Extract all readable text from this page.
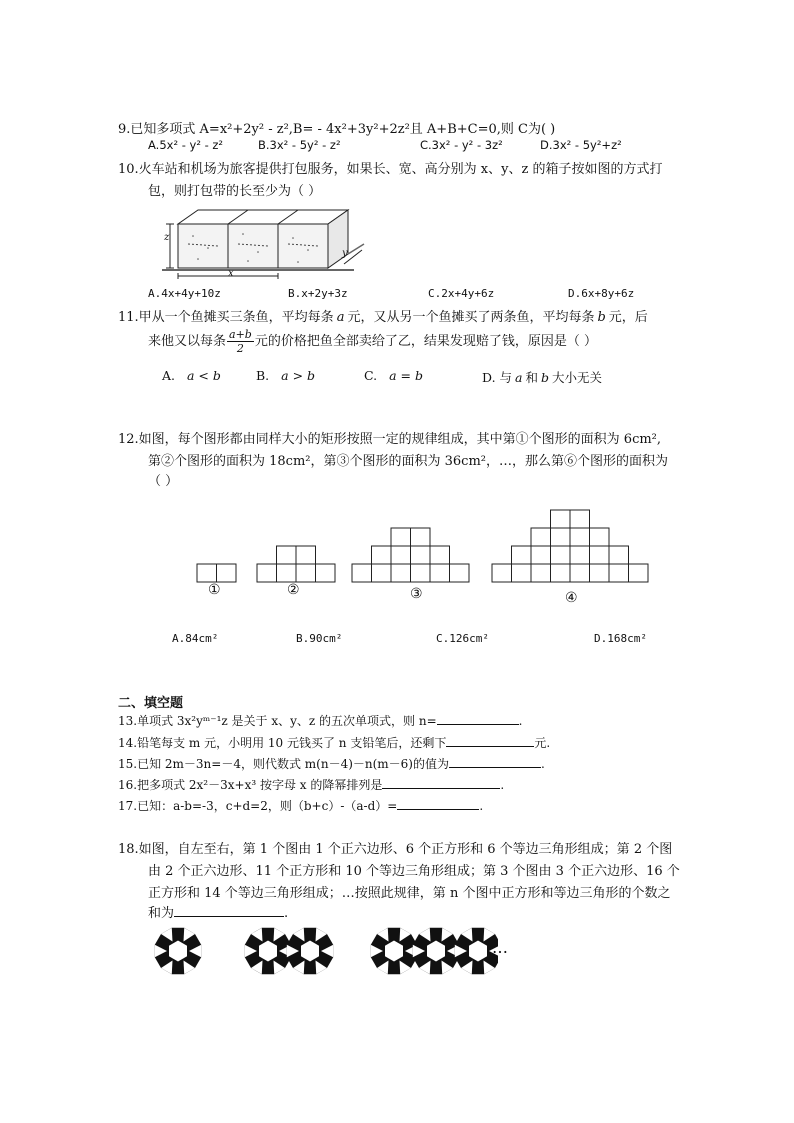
9.已知多项式 A=x²+2y² - z²,B= - 4x²+3y²+2z²且 A+B+C=0,则 C为( )
A.5x² - y² - z²	B.3x² - 5y² - z²	C.3x² - y² - 3z²	D.3x² - 5y²+z²
10.火车站和机场为旅客提供打包服务，如果长、宽、高分别为 x、y、z 的箱子按如图的方式打
包，则打包带的长至少为（ ）
z
x
y
A.4x+4y+10z	B.x+2y+3z	C.2x+4y+6z	D.6x+8y+6z
11.甲从一个鱼摊买三条鱼，平均每条 a 元，又从另一个鱼摊买了两条鱼，平均每条 b 元，后
来他又以每条 $\frac{a+b}{2}$ 元的价格把鱼全部卖给了乙，结果发现赔了钱，原因是（ ）
A. a < b	B. a > b	C. a = b	D. 与 a 和 b 大小无关
12.如图，每个图形都由同样大小的矩形按照一定的规律组成，其中第①个图形的面积为 6cm²,
第②个图形的面积为 18cm²，第③个图形的面积为 36cm²，…，那么第⑥个图形的面积为
（ ）
①	②	③	④
A.84cm²	B.90cm²	C.126cm²	D.168cm²
二、填空题
13.单项式 3x²yᵐ⁻¹z 是关于 x、y、z 的五次单项式，则 n=	.
14.铅笔每支 m 元，小明用 10 元钱买了 n 支铅笔后，还剩下	元.
15.已知 2m－3n=－4，则代数式 m(n－4)－n(m－6)的值为	.
16.把多项式 2x²－3x+x³ 按字母 x 的降幂排列是	.
17.已知：a-b=-3，c+d=2，则（b+c）-（a-d）=	.
18.如图，自左至右，第 1 个图由 1 个正六边形、6 个正方形和 6 个等边三角形组成；第 2 个图
由 2 个正六边形、11 个正方形和 10 个等边三角形组成；第 3 个图由 3 个正六边形、16 个
正方形和 14 个等边三角形组成；…按照此规律，第 n 个图中正方形和等边三角形的个数之
和为	.
…
